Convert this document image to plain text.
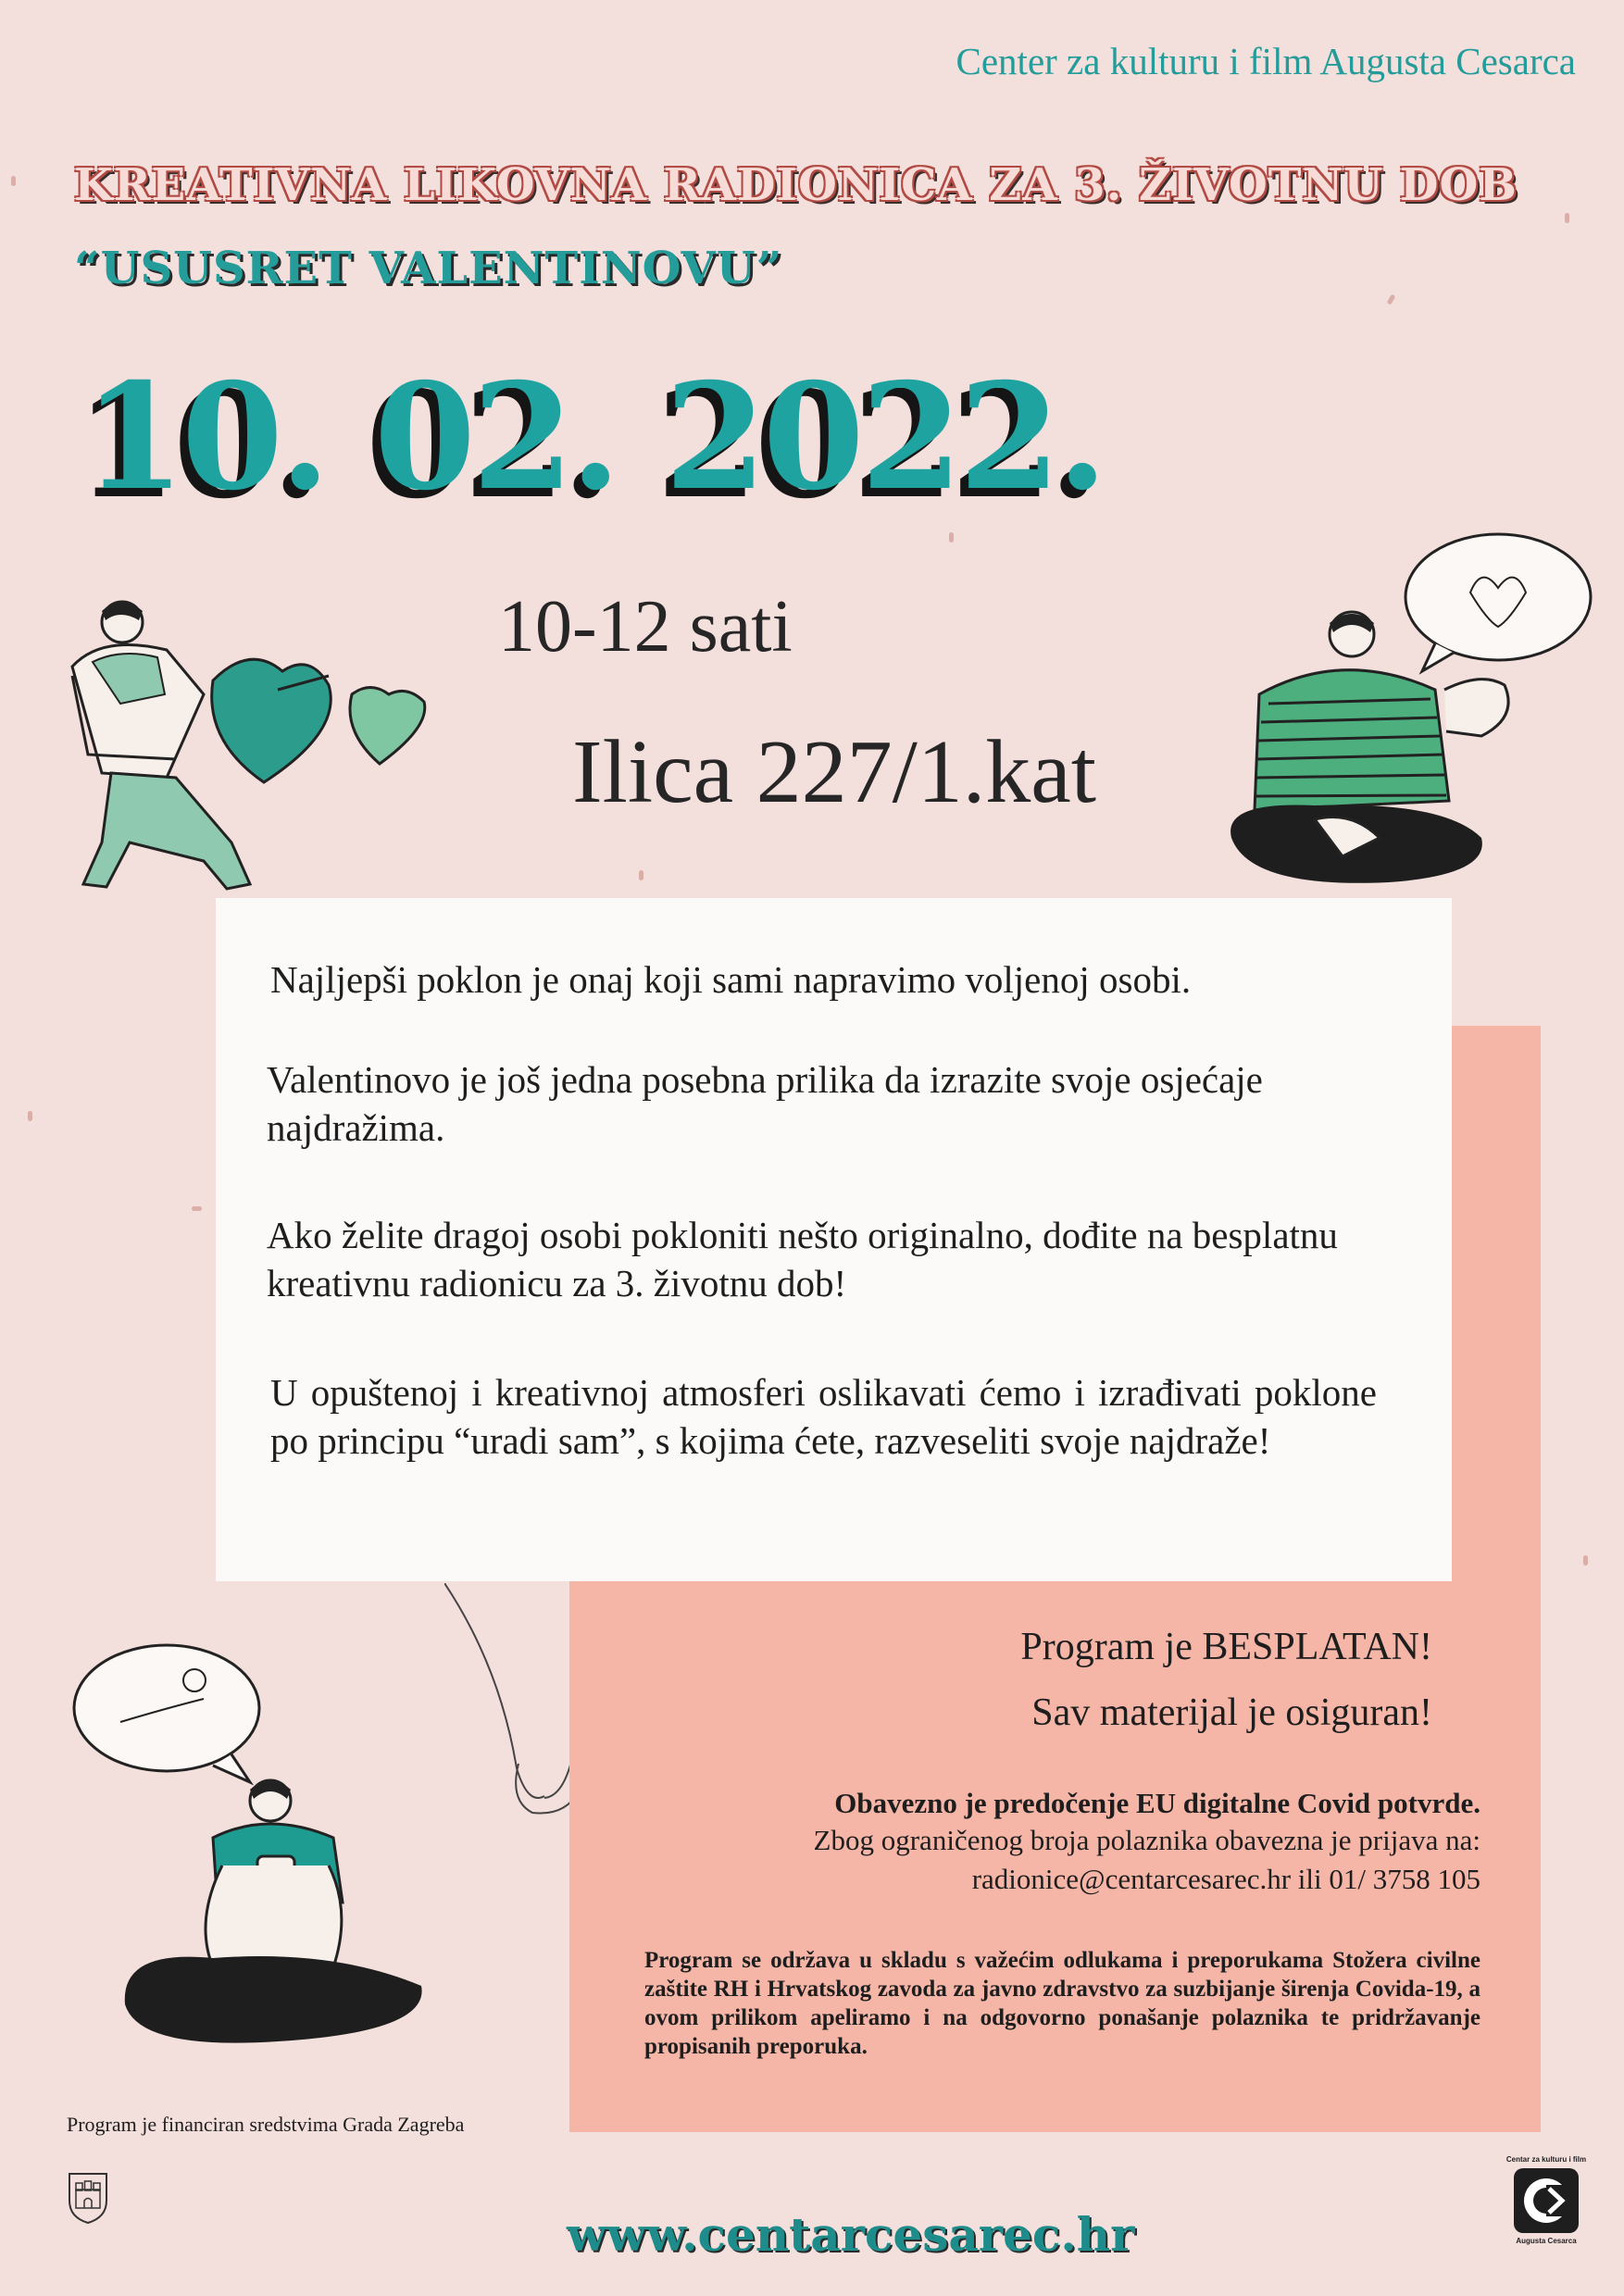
Center za kulturu i film Augusta Cesarca
KREATIVNA LIKOVNA RADIONICA ZA 3. ŽIVOTNU DOB
“USUSRET VALENTINOVU”
10. 02. 2022.
10-12 sati
Ilica 227/1.kat
Najljepši poklon je onaj koji sami napravimo voljenoj osobi.
Valentinovo je još jedna posebna prilika da izrazite svoje osjećaje najdražima.
Ako želite dragoj osobi pokloniti nešto originalno, dođite na besplatnu kreativnu radionicu za 3. životnu dob!
U opuštenoj i kreativnoj atmosferi oslikavati ćemo i izrađivati poklone po principu “uradi sam”, s kojima ćete, razveseliti svoje najdraže!
Program je BESPLATAN!
Sav materijal je osiguran!
Obavezno je predočenje EU digitalne Covid potvrde.
Zbog ograničenog broja polaznika obavezna je prijava na:
radionice@centarcesarec.hr ili 01/ 3758 105
Program se održava u skladu s važećim odlukama i preporukama Stožera civilne zaštite RH i Hrvatskog zavoda za javno zdravstvo za suzbijanje širenja Covida-19, a ovom prilikom apeliramo i na odgovorno ponašanje polaznika te pridržavanje propisanih preporuka.
Program je financiran sredstvima Grada Zagreba
www.centarcesarec.hr
Centar za kulturu i film
Augusta Cesarca
